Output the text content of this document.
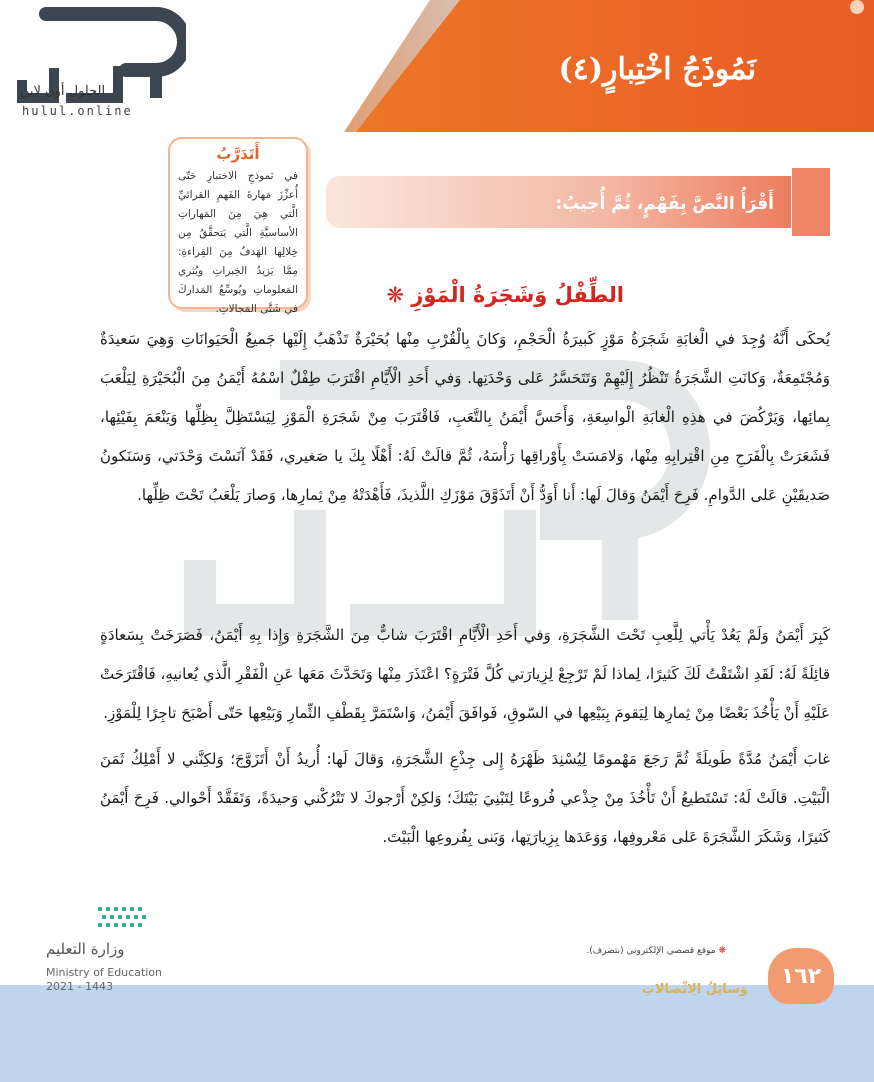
نَمُوذَجُ اخْتِبارٍ(٤)
الحلول أون لاين
hulul.online
أَتَدَرَّبُ
في نَموذجِ الاختبارِ حَتّى أُعزِّزَ مَهارةَ الفَهمِ القرائيِّ الَّتي هِيَ مِنَ المَهاراتِ الأساسيَّةِ الَّتي يَتحقَّقُ مِن خِلالِها الهَدفُ مِنَ القِراءةِ: مِمَّا يَزيدُ الخِبراتِ ويُثري المَعلوماتِ ويُوسِّعُ المَداركَ في شَتَّى المَجالاتِ.
أَقْرَأُ النَّصَّ بِفَهْمٍ، ثُمَّ أُجيبُ:
الطِّفْلُ وَشَجَرَةُ الْمَوْزِ ❋
يُحكَى أَنَّهُ وُجِدَ في الْغابَةِ شَجَرَةُ مَوْزٍ كَبيرَةُ الْحَجْمِ، وَكانَ بِالْقُرْبِ مِنْها بُحَيْرَةٌ تَذْهَبُ إِلَيْها جَميعُ الْحَيَوانَاتِ وَهِيَ سَعيدَةٌ وَمُجْتَمِعَةٌ، وَكانَتِ الشَّجَرَةُ تَنْظُرُ إِلَيْهِمْ وَتَتَحَسَّرُ عَلى وَحْدَتِها. وَفي أَحَدِ الْأَيَّامِ اقْتَرَبَ طِفْلٌ اسْمُهُ أَيْمَنُ مِنَ الْبُحَيْرَةِ لِيَلْعَبَ بِمائِها، وَيَرْكُضَ في هذِهِ الْغابَةِ الْواسِعَةِ، وَأَحَسَّ أَيْمَنُ بِالتَّعَبِ، فَاقْتَرَبَ مِنْ شَجَرَةِ الْمَوْزِ لِيَسْتَظِلَّ بِظِلِّها وَيَنْعَمَ بِفَيْئِها، فَشَعَرَتْ بِالْفَرَحِ مِنِ اقْتِرابِهِ مِنْها، وَلامَسَتْ بِأَوْراقِها رَأْسَهُ، ثُمَّ قالَتْ لَهُ: أَهْلًا بِكَ يا صَغيري، فَقَدْ آنَسْتَ وَحْدَتي، وَسَنَكونُ صَديقَيْنِ عَلى الدَّوامِ. فَرِحَ أَيْمَنُ وَقالَ لَها: أَنا أَوَدُّ أَنْ أَتَذَوَّقَ مَوْزَكِ اللَّذيذَ، فَأَهْدَتْهُ مِنْ ثِمارِها، وَصارَ يَلْعَبُ تَحْتَ ظِلِّها.
كَبِرَ أَيْمَنُ وَلَمْ يَعُدْ يَأْتي لِلَّعِبِ تَحْتَ الشَّجَرَةِ، وَفي أَحَدِ الْأَيَّامِ اقْتَرَبَ شابٌّ مِنَ الشَّجَرَةِ وَإِذا بِهِ أَيْمَنُ، فَصَرَخَتْ بِسَعادَةٍ قائِلَةً لَهُ: لَقَدِ اشْتَقْتُ لَكَ كَثيرًا، لِماذا لَمْ تَرْجِعْ لِزِيارَتي كُلَّ فَتْرَةٍ؟ اعْتَذَرَ مِنْها وَتَحَدَّثَ مَعَها عَنِ الْفَقْرِ الَّذي يُعانيهِ، فَاقْتَرَحَتْ عَلَيْهِ أَنْ يَأْخُذَ بَعْضًا مِنْ ثِمارِها لِيَقومَ بِبَيْعِها في السّوقِ، فَوافَقَ أَيْمَنُ، وَاسْتَمَرَّ بِقَطْفِ الثِّمارِ وَبَيْعِها حَتّى أَصْبَحَ تاجِرًا لِلْمَوْزِ.
غابَ أَيْمَنُ مُدَّةً طَويلَةً ثُمَّ رَجَعَ مَهْمومًا لِيُسْنِدَ ظَهْرَهُ إِلى جِذْعِ الشَّجَرَةِ، وَقالَ لَها: أُريدُ أَنْ أَتَزَوَّجَ؛ وَلكِنَّني لا أَمْلِكُ ثَمَنَ الْبَيْتِ. قالَتْ لَهُ: تَسْتَطيعُ أَنْ تَأْخُذَ مِنْ جِذْعي فُروعًا لِتَبْنِيَ بَيْتَكَ؛ وَلكِنْ أَرْجوكَ لا تَتْرُكْني وَحيدَةً، وَتَفَقَّدْ أَحْوالي. فَرِحَ أَيْمَنُ كَثيرًا، وَشَكَرَ الشَّجَرَةَ عَلى مَعْروفِها، وَوَعَدَها بِزِيارَتِها، وَبَنى بِفُروعِها الْبَيْتَ.
وزارة التعليم
Ministry of Education
2021 - 1443
❋ موقع قصصي الإلكتروني (بتصرف).
١٦٢
وَسائِلُ الِاتِّصالاتِ
